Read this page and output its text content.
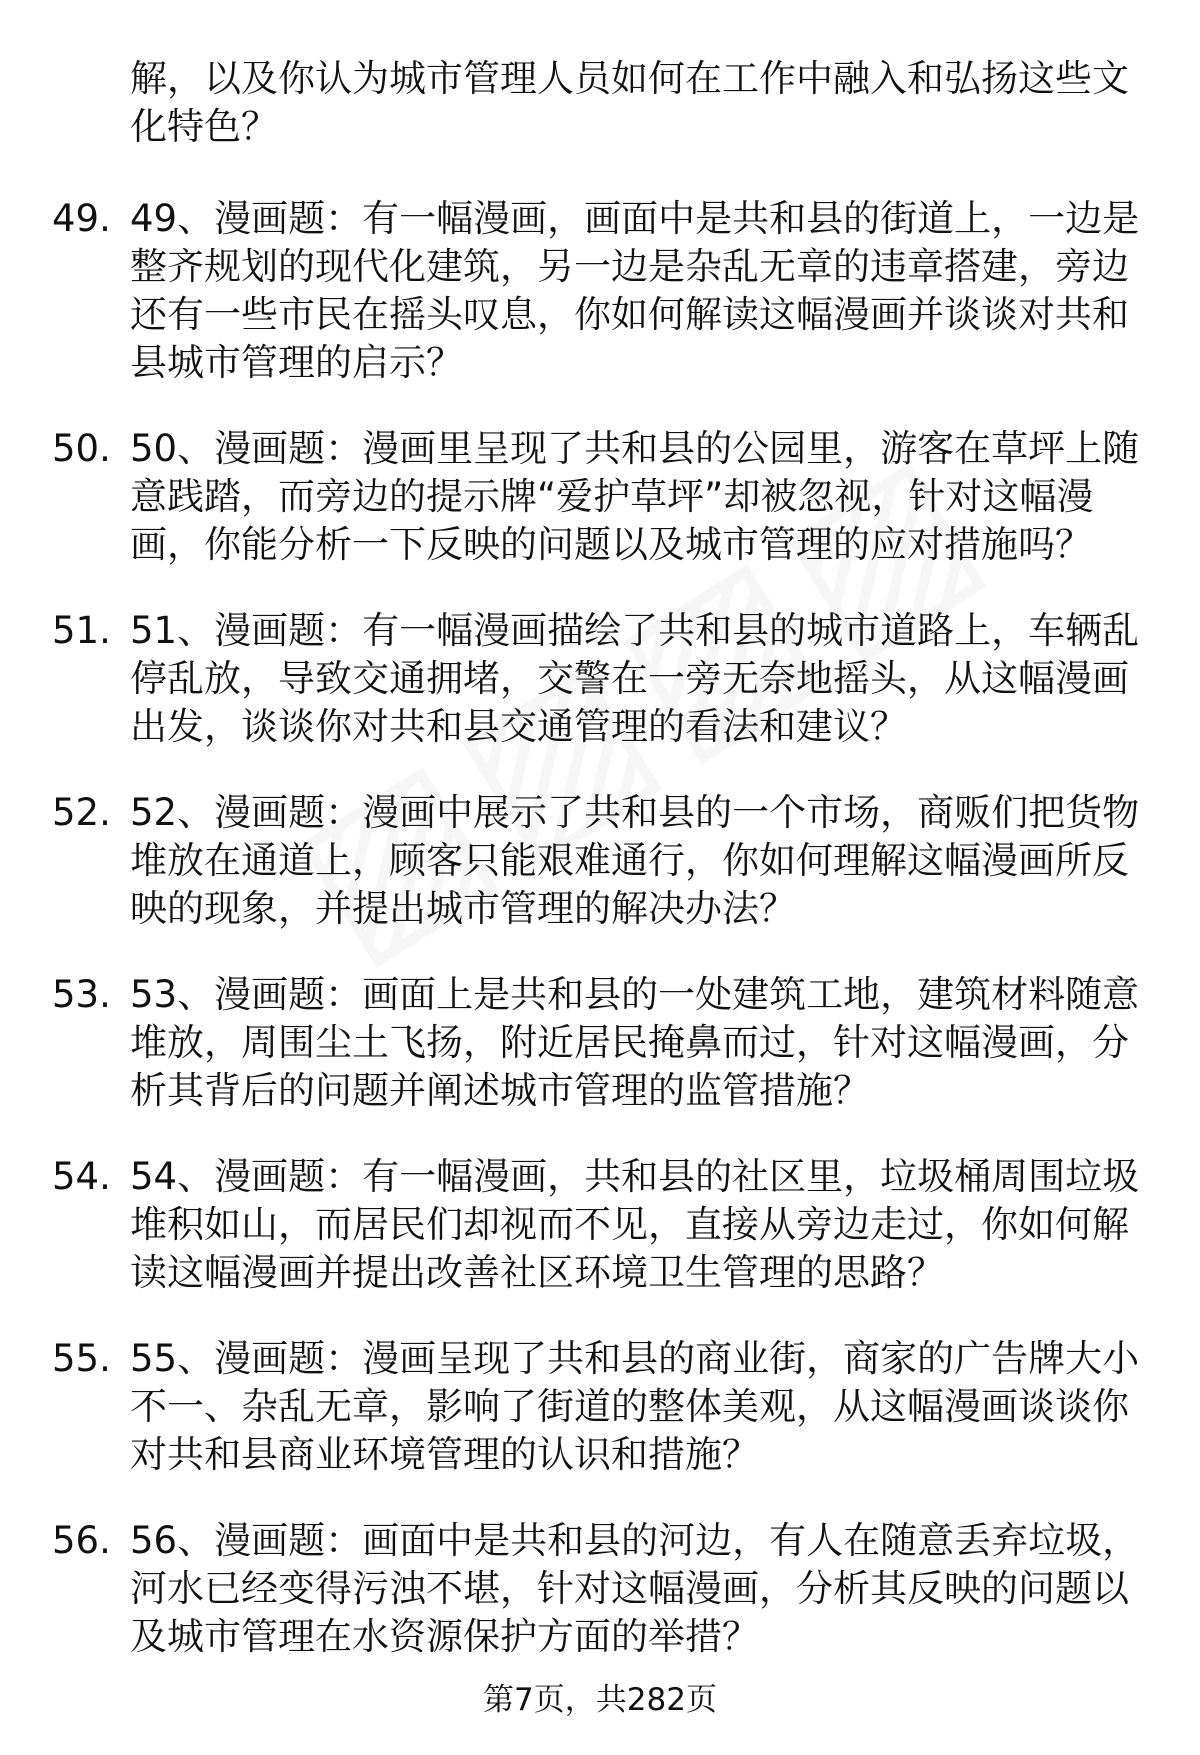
解，以及你认为城市管理人员如何在工作中融入和弘扬这些文化特色？
49. 49、漫画题：有一幅漫画，画面中是共和县的街道上，一边是整齐规划的现代化建筑，另一边是杂乱无章的违章搭建，旁边还有一些市民在摇头叹息，你如何解读这幅漫画并谈谈对共和县城市管理的启示？
50. 50、漫画题：漫画里呈现了共和县的公园里，游客在草坪上随意践踏，而旁边的提示牌“爱护草坪”却被忽视，针对这幅漫画，你能分析一下反映的问题以及城市管理的应对措施吗？
51. 51、漫画题：有一幅漫画描绘了共和县的城市道路上，车辆乱停乱放，导致交通拥堵，交警在一旁无奈地摇头，从这幅漫画出发，谈谈你对共和县交通管理的看法和建议？
52. 52、漫画题：漫画中展示了共和县的一个市场，商贩们把货物堆放在通道上，顾客只能艰难通行，你如何理解这幅漫画所反映的现象，并提出城市管理的解决办法？
53. 53、漫画题：画面上是共和县的一处建筑工地，建筑材料随意堆放，周围尘土飞扬，附近居民掩鼻而过，针对这幅漫画，分析其背后的问题并阐述城市管理的监管措施？
54. 54、漫画题：有一幅漫画，共和县的社区里，垃圾桶周围垃圾堆积如山，而居民们却视而不见，直接从旁边走过，你如何解读这幅漫画并提出改善社区环境卫生管理的思路？
55. 55、漫画题：漫画呈现了共和县的商业街，商家的广告牌大小不一、杂乱无章，影响了街道的整体美观，从这幅漫画谈谈你对共和县商业环境管理的认识和措施？
56. 56、漫画题：画面中是共和县的河边，有人在随意丢弃垃圾，河水已经变得污浊不堪，针对这幅漫画，分析其反映的问题以及城市管理在水资源保护方面的举措？
第7页，共282页
